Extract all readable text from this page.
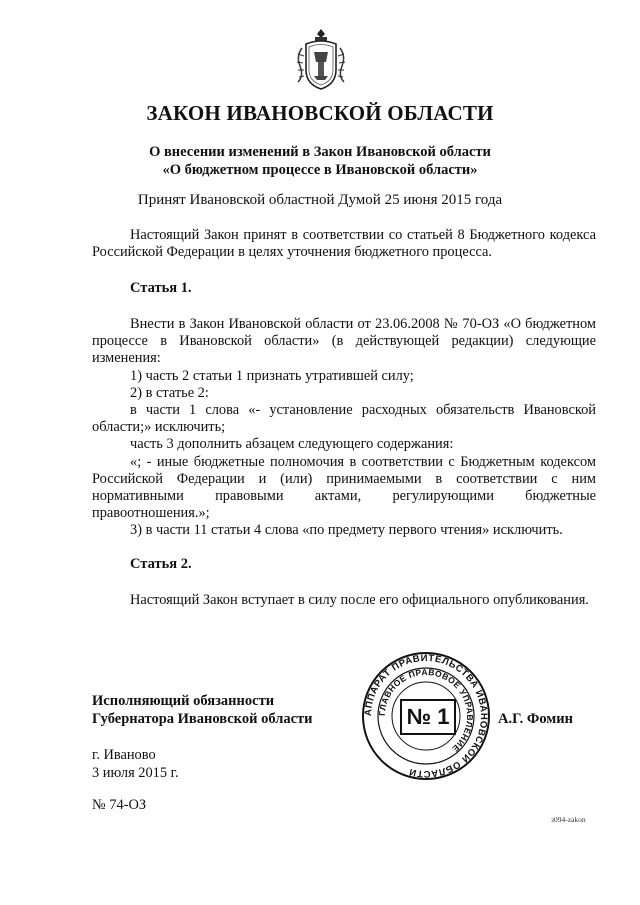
ЗАКОН ИВАНОВСКОЙ ОБЛАСТИ
О внесении изменений в Закон Ивановской области
«О бюджетном процессе в Ивановской области»
Принят Ивановской областной Думой 25 июня 2015 года

Настоящий Закон принят в соответствии со статьей 8 Бюджетного кодекса Российской Федерации в целях уточнения бюджетного процесса.

Статья 1.

Внести в Закон Ивановской области от 23.06.2008 № 70-ОЗ «О бюджетном процессе в Ивановской области» (в действующей редакции) следующие изменения:

1) часть 2 статьи 1 признать утратившей силу;

2) в статье 2:

в части 1 слова «- установление расходных обязательств Ивановской области;» исключить;

часть 3 дополнить абзацем следующего содержания:

«; - иные бюджетные полномочия в соответствии с Бюджетным кодексом Российской Федерации и (или) принимаемыми в соответствии с ним нормативными правовыми актами, регулирующими бюджетные правоотношения.»;

3) в части 11 статьи 4 слова «по предмету первого чтения» исключить.

Статья 2.

Настоящий Закон вступает в силу после его официального опубликования.

Исполняющий обязанности
Губернатора Ивановской области	АППАРАТ ПРАВИТЕЛЬСТВА ИВАНОВСКОЙ ОБЛАСТИ
ГЛАВНОЕ ПРАВОВОЕ УПРАВЛЕНИЕ
№ 1	А.Г. Фомин
г. Иваново
3 июля 2015 г.
№ 74-ОЗ
з094-zakon
